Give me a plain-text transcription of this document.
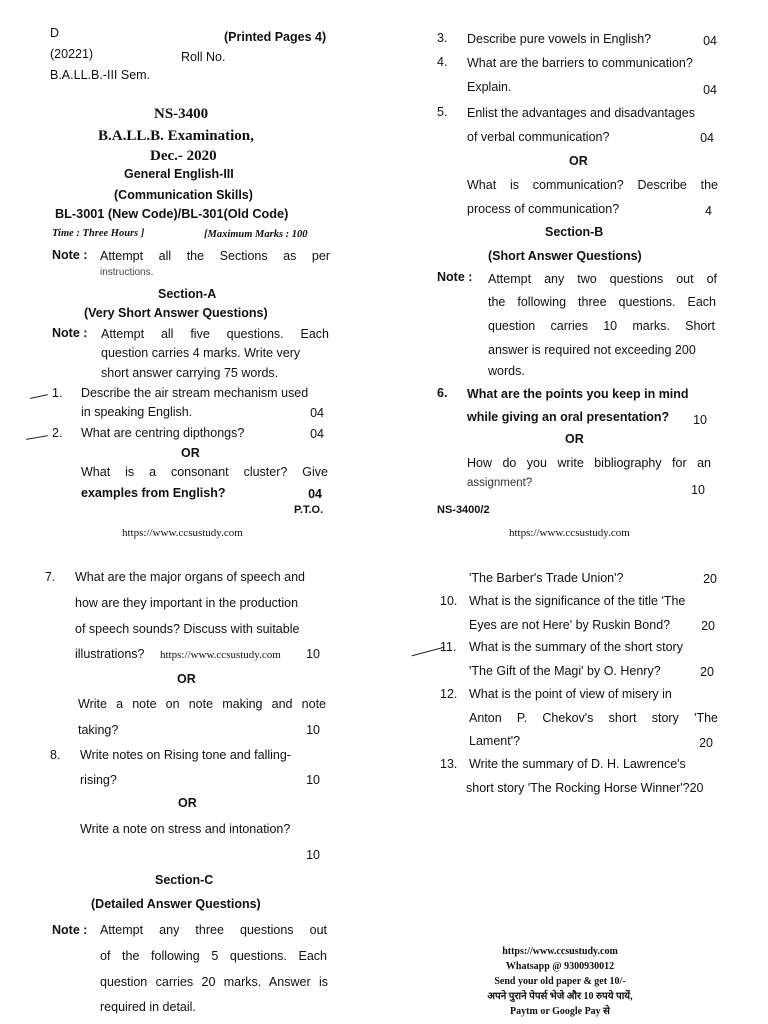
D	(Printed Pages 4)
(20221)	Roll No.
B.A.LL.B.-III Sem.
NS-3400
B.A.LL.B. Examination,
Dec.- 2020
General English-III
(Communication Skills)
BL-3001 (New Code)/BL-301(Old Code)
Time : Three Hours ]	[Maximum Marks : 100
Note : Attempt all the Sections as per
instructions.
Section-A
(Very Short Answer Questions)
Note : Attempt all five questions. Each
question carries 4 marks. Write very
short answer carrying 75 words.
1. Describe the air stream mechanism used
in speaking English.	04
2. What are centring dipthongs?	04
OR
What is a consonant cluster? Give
examples from English?	04
P.T.O.
https://www.ccsustudy.com
3. Describe pure vowels in English?	04
4. What are the barriers to communication?
Explain.	04
5. Enlist the advantages and disadvantages
of verbal communication?	04
OR
What is communication? Describe the
process of communication?	4
Section-B
(Short Answer Questions)
Note : Attempt any two questions out of
the following three questions. Each
question carries 10 marks. Short
answer is required not exceeding 200
words.
6. What are the points you keep in mind
while giving an oral presentation?	10
OR
How do you write bibliography for an
assignment?	10
NS-3400/2
https://www.ccsustudy.com
7. What are the major organs of speech and
how are they important in the production
of speech sounds? Discuss with suitable
illustrations? https://www.ccsustudy.com	10
OR
Write a note on note making and note
taking?	10
8. Write notes on Rising tone and falling-
rising?	10
OR
Write a note on stress and intonation?
10
Section-C
(Detailed Answer Questions)
Note : Attempt any three questions out
of the following 5 questions. Each
question carries 20 marks. Answer is
required in detail.
'The Barber's Trade Union'?	20
10. What is the significance of the title 'The
Eyes are not Here' by Ruskin Bond?	20
11. What is the summary of the short story
'The Gift of the Magi' by O. Henry?	20
12. What is the point of view of misery in
Anton P. Chekov's short story 'The
Lament'?	20
13. Write the summary of D. H. Lawrence's
short story 'The Rocking Horse Winner'?20
https://www.ccsustudy.com
Whatsapp @ 9300930012
Send your old paper & get 10/-
अपने पुराने पेपर्स भेजे और 10 रुपये पायें,
Paytm or Google Pay से
